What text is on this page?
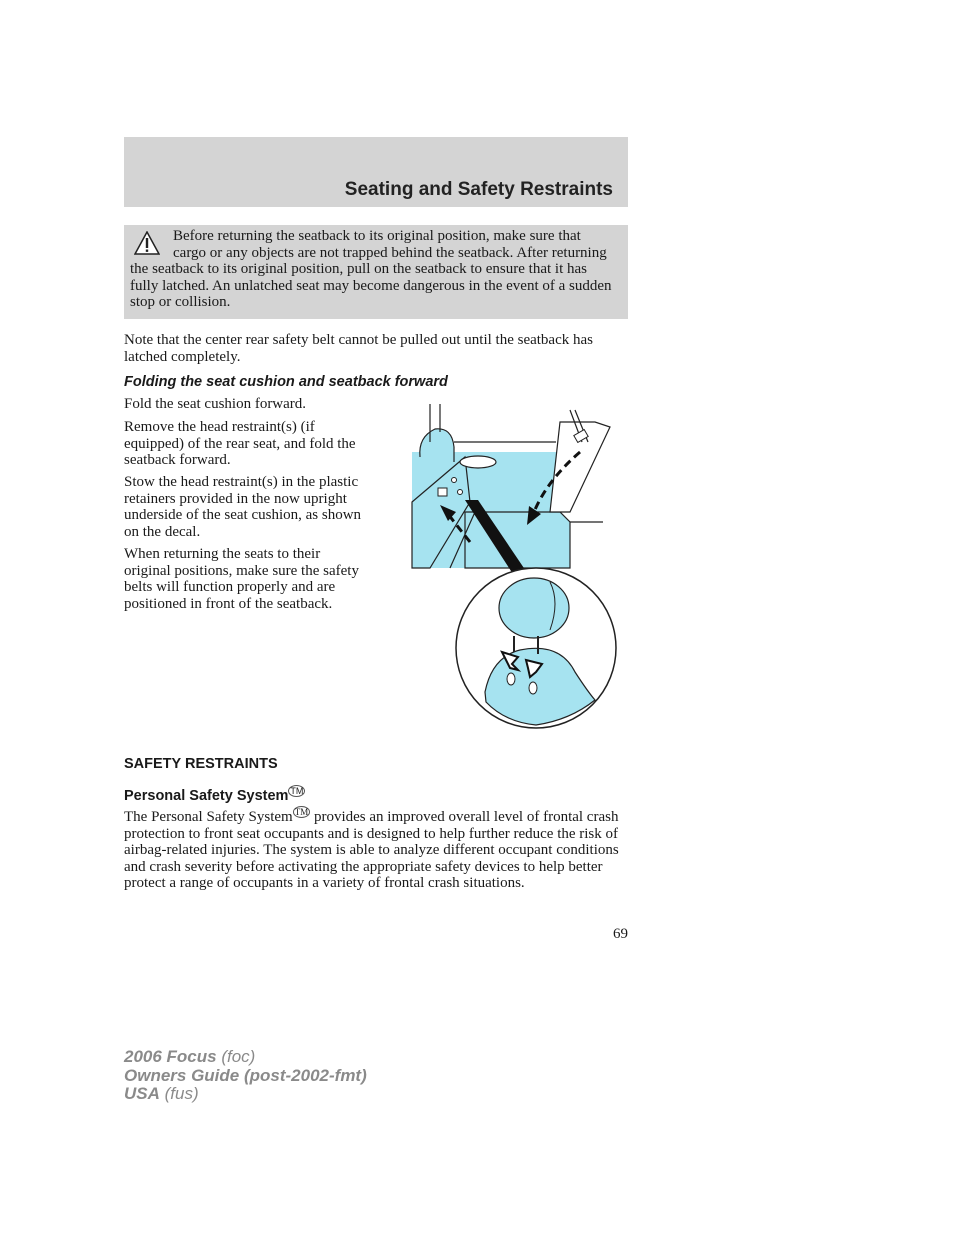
Seating and Safety Restraints
Before returning the seatback to its original position, make sure that cargo or any objects are not trapped behind the seatback. After returning the seatback to its original position, pull on the seatback to ensure that it has fully latched. An unlatched seat may become dangerous in the event of a sudden stop or collision.

Note that the center rear safety belt cannot be pulled out until the seatback has latched completely.

Folding the seat cushion and seatback forward

Fold the seat cushion forward.

Remove the head restraint(s) (if equipped) of the rear seat, and fold the seatback forward.

Stow the head restraint(s) in the plastic retainers provided in the now upright underside of the seat cushion, as shown on the decal.

When returning the seats to their original positions, make sure the safety belts will function properly and are positioned in front of the seatback.

SAFETY RESTRAINTS
Personal Safety System ™

The Personal Safety System ™ provides an improved overall level of frontal crash protection to front seat occupants and is designed to help further reduce the risk of airbag-related injuries. The system is able to analyze different occupant conditions and crash severity before activating the appropriate safety devices to help better protect a range of occupants in a variety of frontal crash situations.

69
2006 Focus (foc)
Owners Guide (post-2002-fmt)
USA (fus)
